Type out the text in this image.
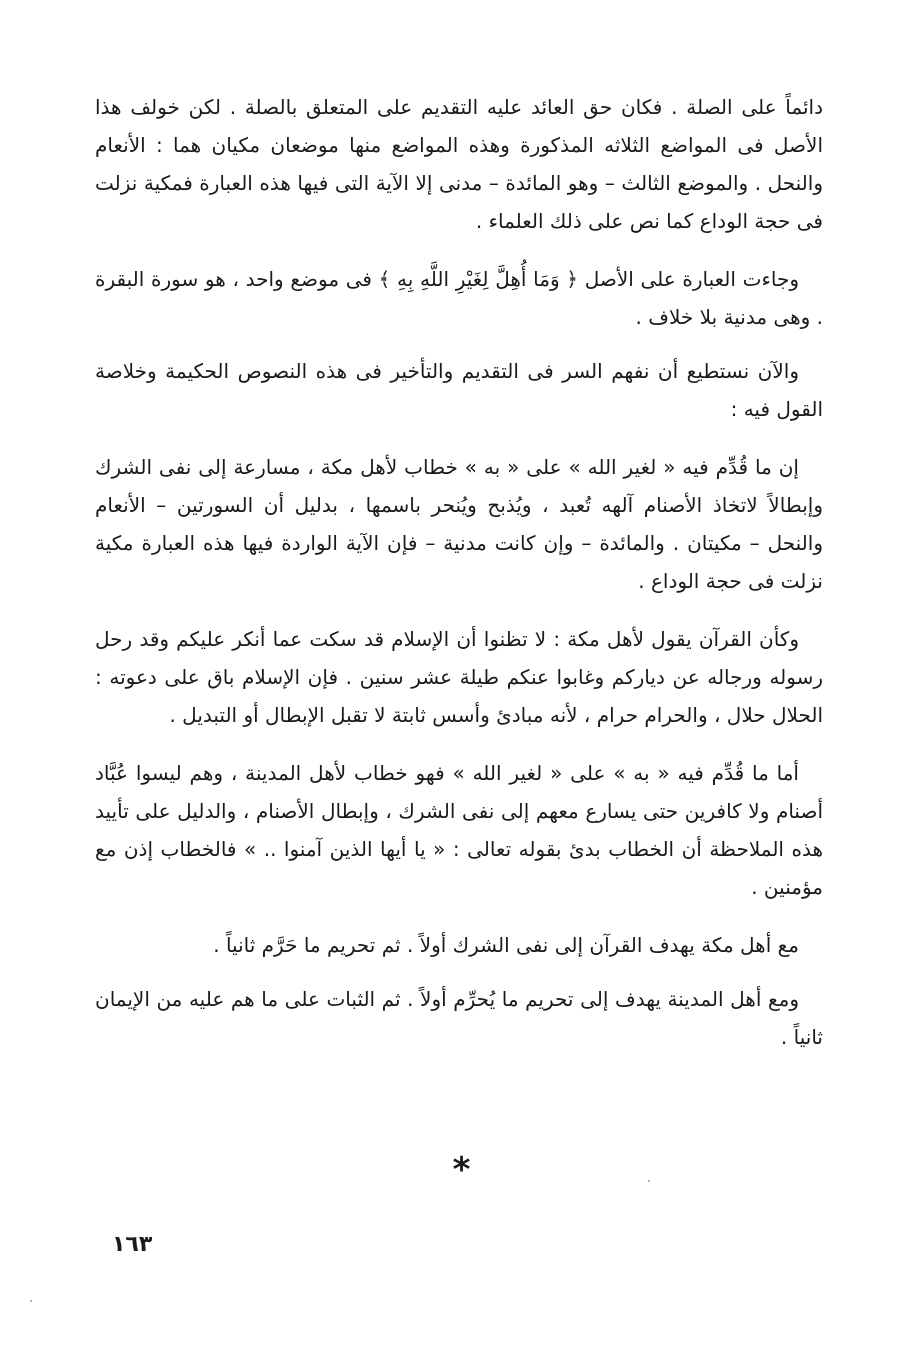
دائماً على الصلة . فكان حق العائد عليه التقديم على المتعلق بالصلة . لكن خولف هذا الأصل فى المواضع الثلاثه المذكورة وهذه المواضع منها موضعان مكيان هما : الأنعام والنحل . والموضع الثالث – وهو المائدة – مدنى إلا الآية التى فيها هذه العبارة فمكية نزلت فى حجة الوداع كما نص على ذلك العلماء .

وجاءت العبارة على الأصل ﴿ وَمَا أُهِلَّ لِغَيْرِ اللَّهِ بِهِ ﴾ فى موضع واحد ، هو سورة البقرة . وهى مدنية بلا خلاف .

والآن نستطيع أن نفهم السر فى التقديم والتأخير فى هذه النصوص الحكيمة وخلاصة القول فيه :

إن ما قُدِّم فيه « لغير الله » على « به » خطاب لأهل مكة ، مسارعة إلى نفى الشرك وإبطالاً لاتخاذ الأصنام آلهه تُعبد ، ويُذبح ويُنحر باسمها ، بدليل أن السورتين – الأنعام والنحل – مكيتان . والمائدة – وإن كانت مدنية – فإن الآية الواردة فيها هذه العبارة مكية نزلت فى حجة الوداع .

وكأن القرآن يقول لأهل مكة : لا تظنوا أن الإسلام قد سكت عما أنكر عليكم وقد رحل رسوله ورجاله عن دياركم وغابوا عنكم طيلة عشر سنين . فإن الإسلام باق على دعوته : الحلال حلال ، والحرام حرام ، لأنه مبادئ وأسس ثابتة لا تقبل الإبطال أو التبديل .

أما ما قُدِّم فيه « به » على « لغير الله » فهو خطاب لأهل المدينة ، وهم ليسوا عُبَّاد أصنام ولا كافرين حتى يسارع معهم إلى نفى الشرك ، وإبطال الأصنام ، والدليل على تأييد هذه الملاحظة أن الخطاب بدئ بقوله تعالى : « يا أيها الذين آمنوا .. » فالخطاب إذن مع مؤمنين .

مع أهل مكة يهدف القرآن إلى نفى الشرك أولاً . ثم تحريم ما حَرَّم ثانياً .

ومع أهل المدينة يهدف إلى تحريم ما يُحرِّم أولاً . ثم الثبات على ما هم عليه من الإيمان ثانياً .

*
١٦٣
